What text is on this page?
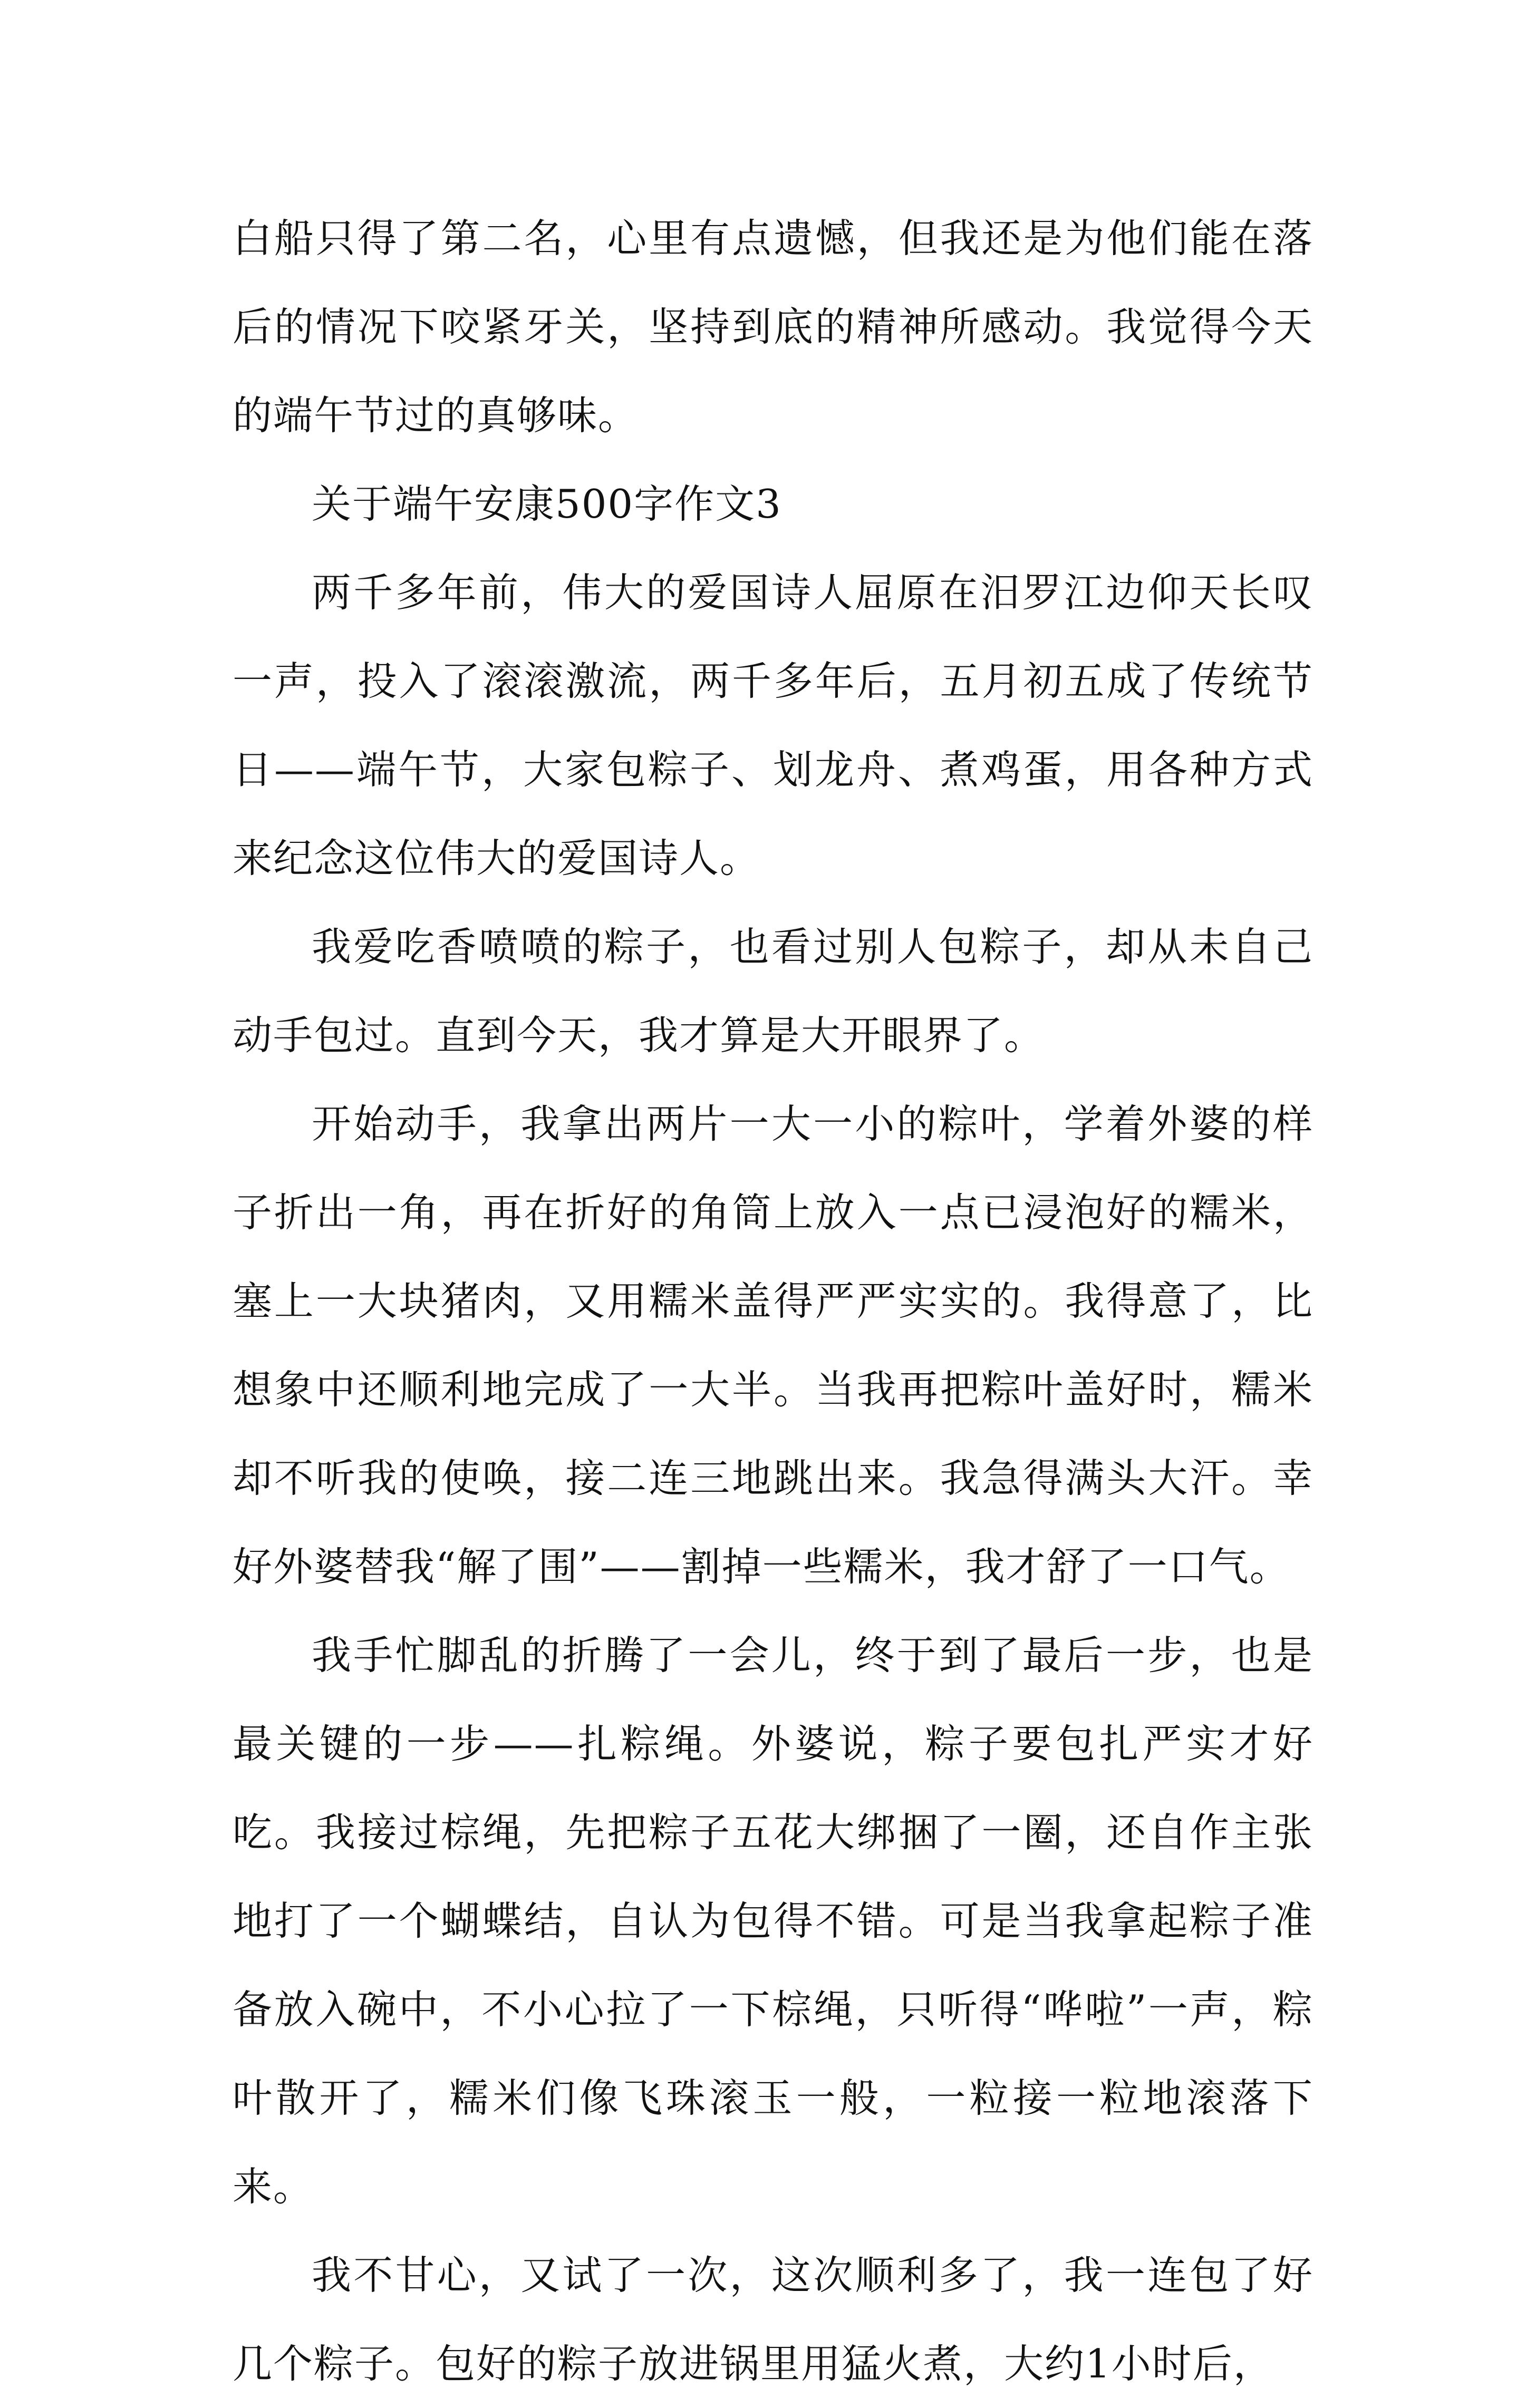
白船只得了第二名，心里有点遗憾，但我还是为他们能在落后的情况下咬紧牙关，坚持到底的精神所感动。我觉得今天的端午节过的真够味。

关于端午安康500字作文3

两千多年前，伟大的爱国诗人屈原在汨罗江边仰天长叹一声，投入了滚滚激流，两千多年后，五月初五成了传统节日——端午节，大家包粽子、划龙舟、煮鸡蛋，用各种方式来纪念这位伟大的爱国诗人。

我爱吃香喷喷的粽子，也看过别人包粽子，却从未自己动手包过。直到今天，我才算是大开眼界了。

开始动手，我拿出两片一大一小的粽叶，学着外婆的样子折出一角，再在折好的角筒上放入一点已浸泡好的糯米，塞上一大块猪肉，又用糯米盖得严严实实的。我得意了，比想象中还顺利地完成了一大半。当我再把粽叶盖好时，糯米却不听我的使唤，接二连三地跳出来。我急得满头大汗。幸好外婆替我“解了围”——割掉一些糯米，我才舒了一口气。

我手忙脚乱的折腾了一会儿，终于到了最后一步，也是最关键的一步——扎粽绳。外婆说，粽子要包扎严实才好吃。我接过棕绳，先把粽子五花大绑捆了一圈，还自作主张地打了一个蝴蝶结，自认为包得不错。可是当我拿起粽子准备放入碗中，不小心拉了一下棕绳，只听得“哗啦”一声，粽叶散开了，糯米们像飞珠滚玉一般，一粒接一粒地滚落下来。

我不甘心，又试了一次，这次顺利多了，我一连包了好几个粽子。包好的粽子放进锅里用猛火煮，大约1小时后，
